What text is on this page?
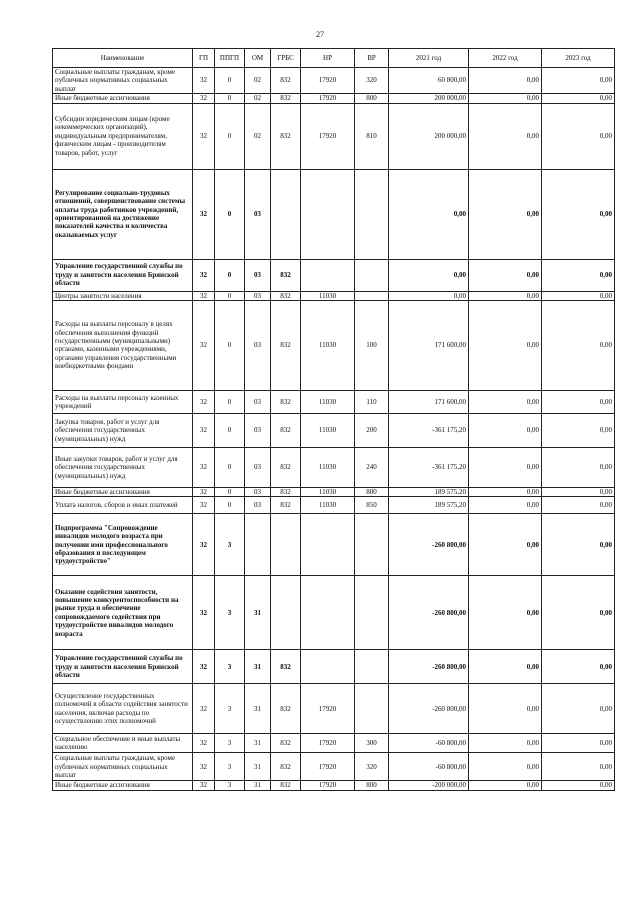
27
Наименование	ГП	ППГП	ОМ	ГРБС	НР	ВР	2021 год	2022 год	2023 год
Социальные выплаты гражданам, кроме публичных нормативных социальных выплат	32	0	02	832	17920	320	60 800,00	0,00	0,00
Иные бюджетные ассигнования	32	0	02	832	17920	800	200 000,00	0,00	0,00
Субсидии юридическим лицам (кроме некоммерческих организаций), индивидуальным предпринимателям, физическим лицам - производителям товаров, работ, услуг	32	0	02	832	17920	810	200 000,00	0,00	0,00
Регулирование социально-трудовых отношений, совершенствование системы оплаты труда работников учреждений, ориентированной на достижение показателей качества и количества оказываемых услуг	32	0	03				0,00	0,00	0,00
Управление государственной службы по труду и занятости населения Брянской области	32	0	03	832			0,00	0,00	0,00
Центры занятости населения	32	0	03	832	11030		0,00	0,00	0,00
Расходы на выплаты персоналу в целях обеспечения выполнения функций государственными (муниципальными) органами, казенными учреждениями, органами управления государственными внебюджетными фондами	32	0	03	832	11030	100	171 600,00	0,00	0,00
Расходы на выплаты персоналу казенных учреждений	32	0	03	832	11030	110	171 600,00	0,00	0,00
Закупка товаров, работ и услуг для обеспечения государственных (муниципальных) нужд	32	0	03	832	11030	200	-361 175,20	0,00	0,00
Иные закупки товаров, работ и услуг для обеспечения государственных (муниципальных) нужд	32	0	03	832	11030	240	-361 175,20	0,00	0,00
Иные бюджетные ассигнования	32	0	03	832	11030	800	189 575,20	0,00	0,00
Уплата налогов, сборов и иных платежей	32	0	03	832	11030	850	189 575,20	0,00	0,00
Подпрограмма "Сопровождение инвалидов молодого возраста при получении ими профессионального образования и последующем трудоустройстве"	32	3					-260 800,00	0,00	0,00
Оказание содействия занятости, повышение конкурентоспособности на рынке труда и обеспечение сопровождаемого содействия при трудоустройстве инвалидов молодого возраста	32	3	31				-260 800,00	0,00	0,00
Управление государственной службы по труду и занятости населения Брянской области	32	3	31	832			-260 800,00	0,00	0,00
Осуществление государственных полномочий в области содействия занятости населения, включая расходы по осуществлению этих полномочий	32	3	31	832	17920		-260 800,00	0,00	0,00
Социальное обеспечение и иные выплаты населению	32	3	31	832	17920	300	-60 800,00	0,00	0,00
Социальные выплаты гражданам, кроме публичных нормативных социальных выплат	32	3	31	832	17920	320	-60 800,00	0,00	0,00
Иные бюджетные ассигнования	32	3	31	832	17920	800	-200 000,00	0,00	0,00
